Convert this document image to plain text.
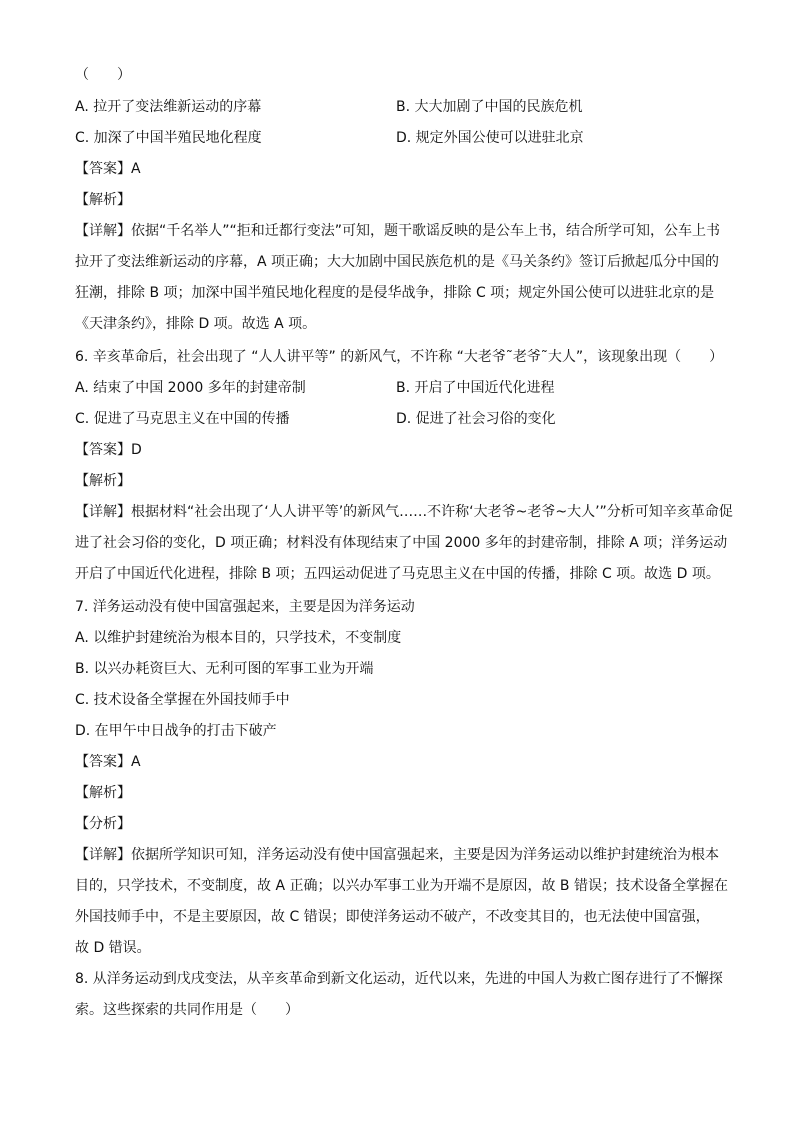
（　　）
A. 拉开了变法维新运动的序幕	B. 大大加剧了中国的民族危机
C. 加深了中国半殖民地化程度	D. 规定外国公使可以进驻北京
【答案】A
【解析】
【详解】依据“千名举人”“拒和迁都行变法”可知，题干歌谣反映的是公车上书，结合所学可知，公车上书
拉开了变法维新运动的序幕，A 项正确；大大加剧中国民族危机的是《马关条约》签订后掀起瓜分中国的
狂潮，排除 B 项；加深中国半殖民地化程度的是侵华战争，排除 C 项；规定外国公使可以进驻北京的是
《天津条约》，排除 D 项。故选 A 项。
6. 辛亥革命后，社会出现了 “人人讲平等” 的新风气，不许称 “大老爷˜老爷˜大人”，该现象出现（　　）
A. 结束了中国 2000 多年的封建帝制	B. 开启了中国近代化进程
C. 促进了马克思主义在中国的传播	D. 促进了社会习俗的变化
【答案】D
【解析】
【详解】根据材料“社会出现了‘人人讲平等’的新风气……不许称‘大老爷~老爷~大人’”分析可知辛亥革命促
进了社会习俗的变化，D 项正确；材料没有体现结束了中国 2000 多年的封建帝制，排除 A 项；洋务运动
开启了中国近代化进程，排除 B 项；五四运动促进了马克思主义在中国的传播，排除 C 项。故选 D 项。
7. 洋务运动没有使中国富强起来，主要是因为洋务运动
A. 以维护封建统治为根本目的，只学技术，不变制度
B. 以兴办耗资巨大、无利可图的军事工业为开端
C. 技术设备全掌握在外国技师手中
D. 在甲午中日战争的打击下破产
【答案】A
【解析】
【分析】
【详解】依据所学知识可知，洋务运动没有使中国富强起来，主要是因为洋务运动以维护封建统治为根本
目的，只学技术，不变制度，故 A 正确；以兴办军事工业为开端不是原因，故 B 错误；技术设备全掌握在
外国技师手中，不是主要原因，故 C 错误；即使洋务运动不破产，不改变其目的，也无法使中国富强，
故 D 错误。
8. 从洋务运动到戊戌变法，从辛亥革命到新文化运动，近代以来，先进的中国人为救亡图存进行了不懈探
索。这些探索的共同作用是（　　）
